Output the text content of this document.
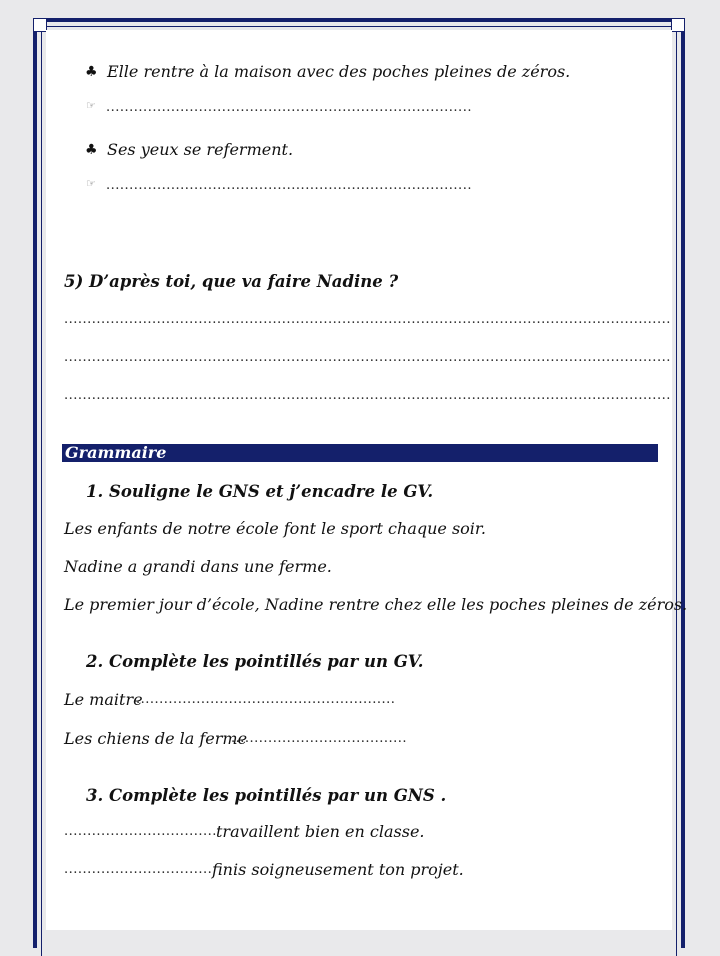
♣ Elle rentre à la maison avec des poches pleines de zéros.
☞ ...............................................................................
♣ Ses yeux se referment.
☞ ...............................................................................
5) D’après toi, que va faire Nadine ?
...................................................................................................................................
...................................................................................................................................
...................................................................................................................................
Grammaire
1. Souligne le GNS et j’encadre le GV.
Les enfants de notre école font le sport chaque soir.
Nadine a grandi dans une ferme.
Le premier jour d’école, Nadine rentre chez elle les poches pleines de zéros.
2. Complète les pointillés par un GV.
Le maitre
........................................................
Les chiens de la ferme
......................................
3. Complète les pointillés par un GNS .
................................. travaillent bien en classe.
................................ finis soigneusement ton projet.
